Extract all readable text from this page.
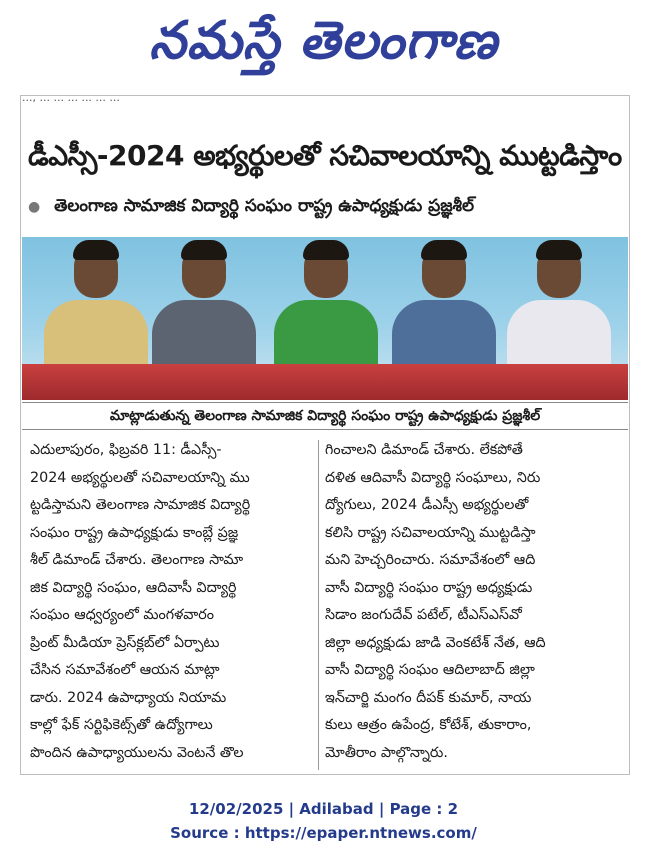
నమస్తే తెలంగాణ
..., ... ... ... ... ... ...
డీఎస్సీ-2024 అభ్యర్థులతో సచివాలయాన్ని ముట్టడిస్తాం
● తెలంగాణ సామాజిక విద్యార్థి సంఘం రాష్ట్ర ఉపాధ్యక్షుడు ప్రజ్ఞశీల్
మాట్లాడుతున్న తెలంగాణ సామాజిక విద్యార్థి సంఘం రాష్ట్ర ఉపాధ్యక్షుడు ప్రజ్ఞశీల్
ఎదులాపురం, ఫిబ్రవరి 11: డీఎస్సీ-
2024 అభ్యర్థులతో సచివాలయాన్ని ము
ట్టడిస్తామని తెలంగాణ సామాజిక విద్యార్థి
సంఘం రాష్ట్ర ఉపాధ్యక్షుడు కాంబ్లే ప్రజ్ఞ
శీల్ డిమాండ్ చేశారు. తెలంగాణ సామా
జిక విద్యార్థి సంఘం, ఆదివాసీ విద్యార్థి
సంఘం ఆధ్వర్యంలో మంగళవారం
ప్రింట్ మీడియా ప్రెస్‌క్లబ్‌లో ఏర్పాటు
చేసిన సమావేశంలో ఆయన మాట్లా
డారు. 2024 ఉపాధ్యాయ నియామ
కాల్లో ఫేక్ సర్టిఫికెట్స్‌తో ఉద్యోగాలు
పొందిన ఉపాధ్యాయులను వెంటనే తొల
గించాలని డిమాండ్ చేశారు. లేకపోతే
దళిత ఆదివాసీ విద్యార్థి సంఘాలు, నిరు
ద్యోగులు, 2024 డీఎస్సీ అభ్యర్థులతో
కలిసి రాష్ట్ర సచివాలయాన్ని ముట్టడిస్తా
మని హెచ్చరించారు. సమావేశంలో ఆది
వాసీ విద్యార్థి సంఘం రాష్ట్ర అధ్యక్షుడు
సిడాం జంగుదేవ్ పటేల్, టీఎస్‌ఎస్‌వో
జిల్లా అధ్యక్షుడు జాడి వెంకటేశ్ నేత, ఆది
వాసీ విద్యార్థి సంఘం ఆదిలాబాద్ జిల్లా
ఇన్‌చార్జి మంగం దీపక్ కుమార్, నాయ
కులు ఆత్రం ఉపేంద్ర, కోటేశ్, తుకారాం,
మోతీరాం పాల్గొన్నారు.
12/02/2025 | Adilabad | Page : 2
Source : https://epaper.ntnews.com/
